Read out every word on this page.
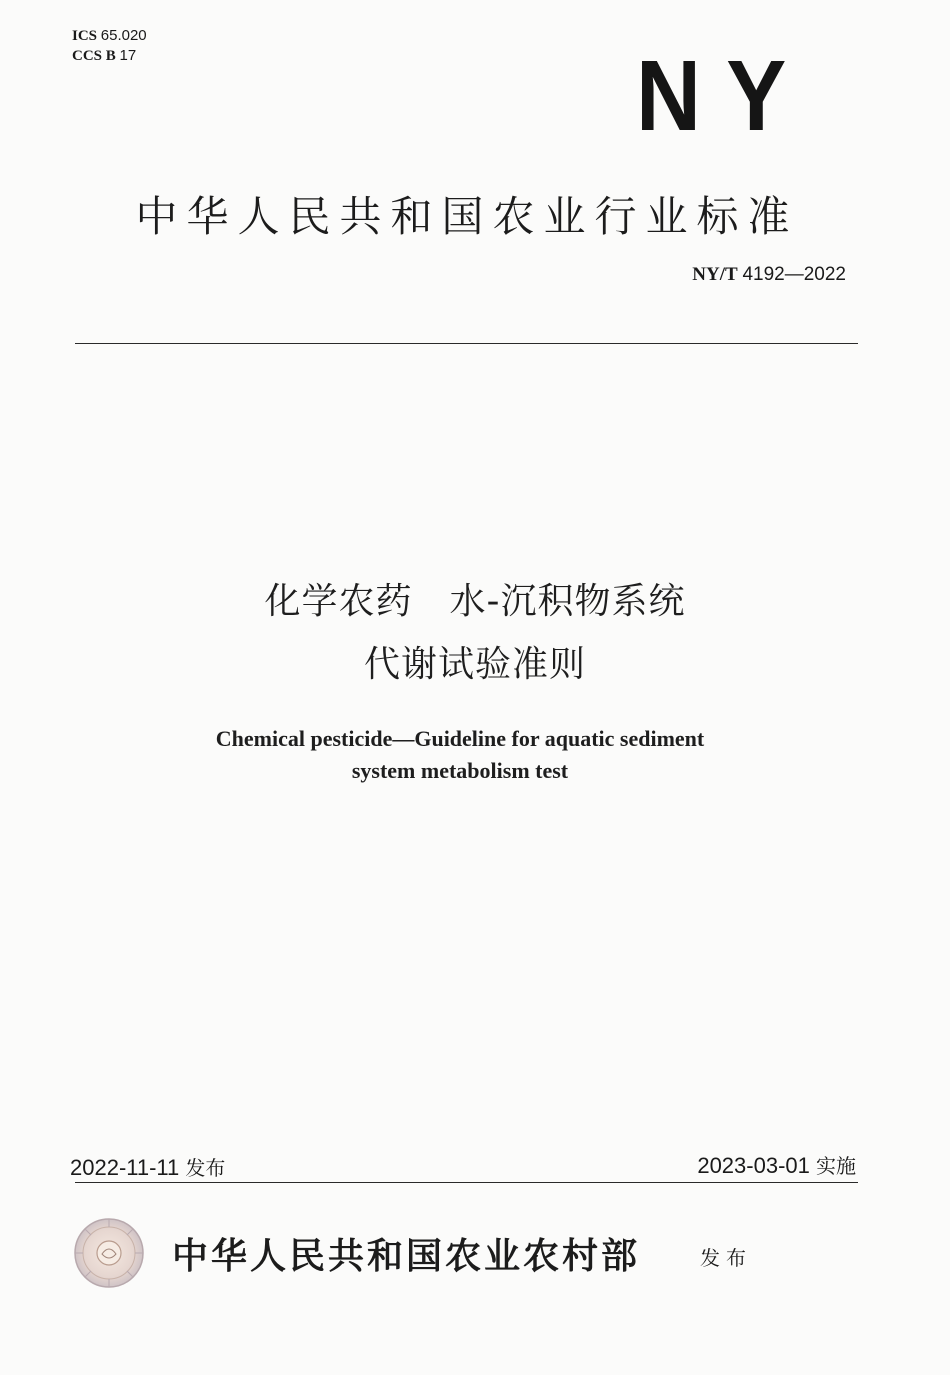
ICS 65.020
CCS B 17	NY
中华人民共和国农业行业标准
NY/T 4192—2022
化学农药　水-沉积物系统
代谢试验准则
Chemical pesticide—Guideline for aquatic sediment
system metabolism test
2022-11-11 发布	2023-03-01 实施
中华人民共和国农业农村部	发布
